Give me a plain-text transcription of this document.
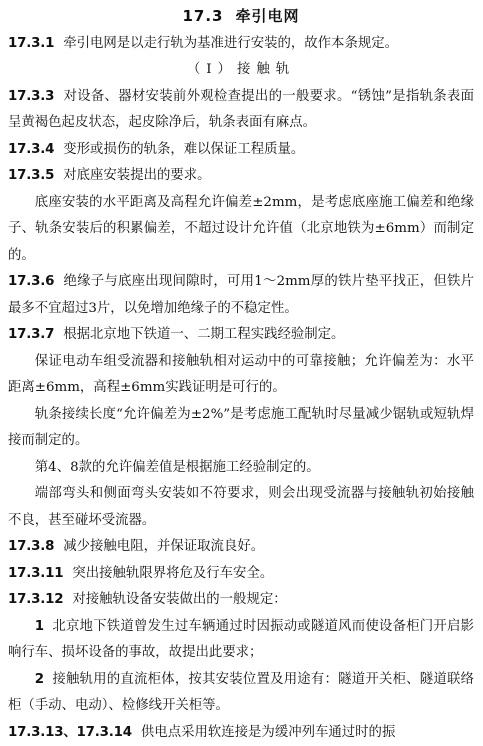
17.3 牵引电网

17.3.1 牵引电网是以走行轨为基准进行安装的，故作本条规定。

（Ⅰ）接触轨

17.3.3 对设备、器材安装前外观检查提出的一般要求。“锈蚀”是指轨条表面呈黄褐色起皮状态，起皮除净后，轨条表面有麻点。

17.3.4 变形或损伤的轨条，难以保证工程质量。

17.3.5 对底座安装提出的要求。

底座安装的水平距离及高程允许偏差±2mm，是考虑底座施工偏差和绝缘子、轨条安装后的积累偏差，不超过设计允许值（北京地铁为±6mm）而制定的。

17.3.6 绝缘子与底座出现间隙时，可用1～2mm厚的铁片垫平找正，但铁片最多不宜超过3片，以免增加绝缘子的不稳定性。

17.3.7 根据北京地下铁道一、二期工程实践经验制定。

保证电动车组受流器和接触轨相对运动中的可靠接触；允许偏差为：水平距离±6mm，高程±6mm实践证明是可行的。

轨条接续长度“允许偏差为±2%”是考虑施工配轨时尽量减少锯轨或短轨焊接而制定的。

第4、8款的允许偏差值是根据施工经验制定的。

端部弯头和侧面弯头安装如不符要求，则会出现受流器与接触轨初始接触不良，甚至碰坏受流器。

17.3.8 减少接触电阻，并保证取流良好。

17.3.11 突出接触轨限界将危及行车安全。

17.3.12 对接触轨设备安装做出的一般规定：

1 北京地下铁道曾发生过车辆通过时因振动或隧道风而使设备柜门开启影响行车、损坏设备的事故，故提出此要求；

2 接触轨用的直流柜体，按其安装位置及用途有：隧道开关柜、隧道联络柜（手动、电动）、检修线开关柜等。

17.3.13、17.3.14 供电点采用软连接是为缓冲列车通过时的振
